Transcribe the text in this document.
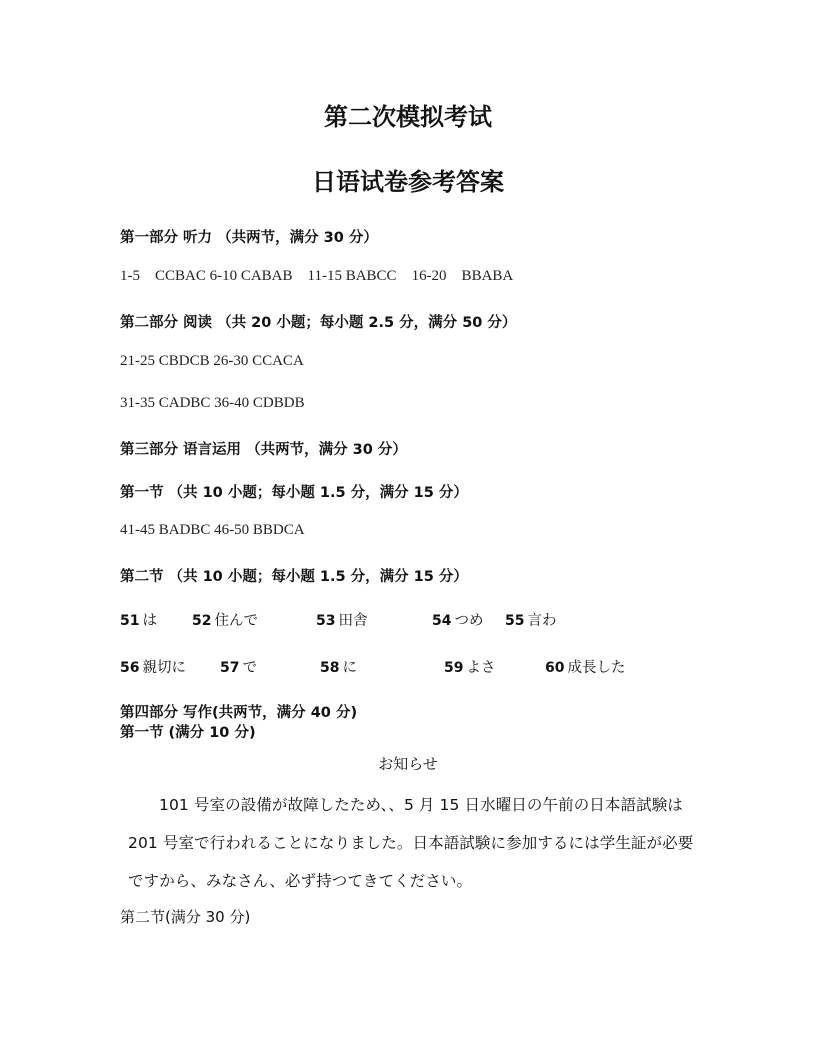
第二次模拟考试
日语试卷参考答案
第一部分 听力 （共两节，满分 30 分）
1-5    CCBAC 6-10 CABAB    11-15 BABCC    16-20    BBABA
第二部分 阅读 （共 20 小题；每小题 2.5 分，满分 50 分）
21-25 CBDCB 26-30 CCACA
31-35 CADBC 36-40 CDBDB
第三部分 语言运用 （共两节，满分 30 分）
第一节 （共 10 小题；每小题 1.5 分，满分 15 分）
41-45 BADBC 46-50 BBDCA
第二节 （共 10 小题；每小题 1.5 分，满分 15 分）
51 は	52 住んで	53 田舎	54 つめ 55 言わ
56 親切に 57 で	58 に	59 よさ	60 成長した
第四部分 写作(共两节，满分 40 分)
第一节 (满分 10 分)
お知らせ
101 号室の設備が故障したため、、5 月 15 日水曜日の午前の日本語試験は 201 号室で行われることになりました。日本語試験に参加するには学生証が必要ですから、みなさん、必ず持つてきてください。
第二节(满分 30 分)
